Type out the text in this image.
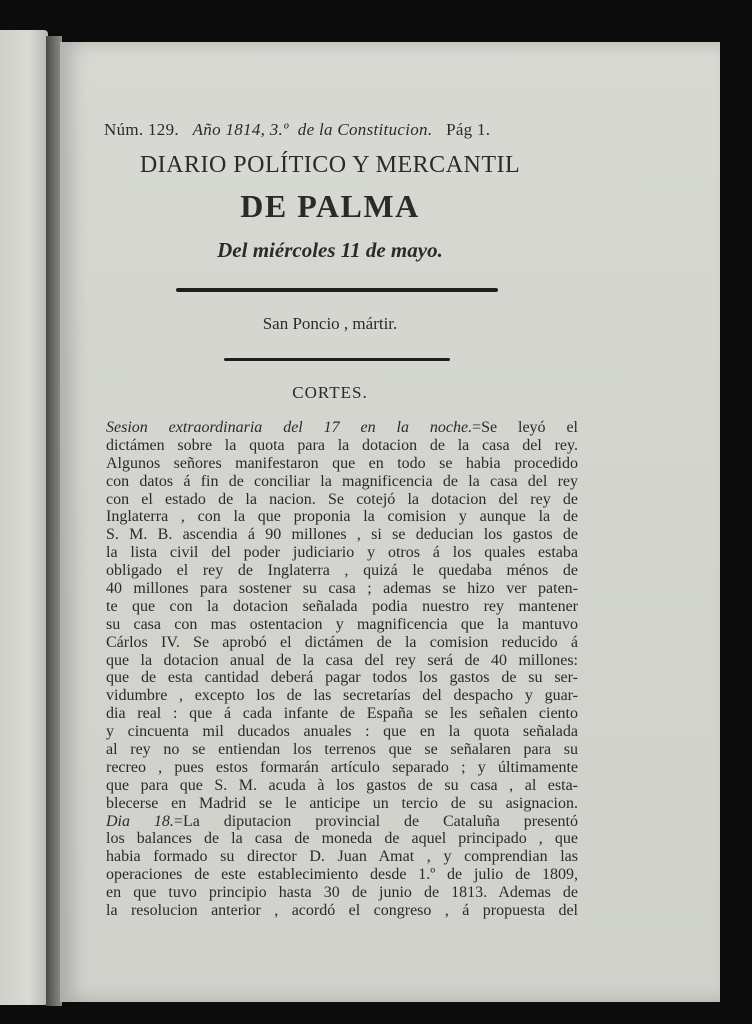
Núm. 129. Año 1814, 3.º de la Constitucion. Pág 1.
DIARIO POLÍTICO Y MERCANTIL
DE PALMA
Del miércoles 11 de mayo.
San Poncio , mártir.
CORTES.
Sesion extraordinaria del 17 en la noche.=Se leyó el
dictámen sobre la quota para la dotacion de la casa del rey.
Algunos señores manifestaron que en todo se habia procedido
con datos á fin de conciliar la magnificencia de la casa del rey
con el estado de la nacion. Se cotejó la dotacion del rey de
Inglaterra , con la que proponia la comision y aunque la de
S. M. B. ascendia á 90 millones , si se deducian los gastos de
la lista civil del poder judiciario y otros á los quales estaba
obligado el rey de Inglaterra , quizá le quedaba ménos de
40 millones para sostener su casa ; ademas se hizo ver paten-
te que con la dotacion señalada podia nuestro rey mantener
su casa con mas ostentacion y magnificencia que la mantuvo
Cárlos IV. Se aprobó el dictámen de la comision reducido á
que la dotacion anual de la casa del rey será de 40 millones:
que de esta cantidad deberá pagar todos los gastos de su ser-
vidumbre , excepto los de las secretarías del despacho y guar-
dia real : que á cada infante de España se les señalen ciento
y cincuenta mil ducados anuales : que en la quota señalada
al rey no se entiendan los terrenos que se señalaren para su
recreo , pues estos formarán artículo separado ; y últimamente
que para que S. M. acuda à los gastos de su casa , al esta-
blecerse en Madrid se le anticipe un tercio de su asignacion.
Dia 18.=La diputacion provincial de Cataluña presentó
los balances de la casa de moneda de aquel principado , que
habia formado su director D. Juan Amat , y comprendian las
operaciones de este establecimiento desde 1.º de julio de 1809,
en que tuvo principio hasta 30 de junio de 1813. Ademas de
la resolucion anterior , acordó el congreso , á propuesta del
